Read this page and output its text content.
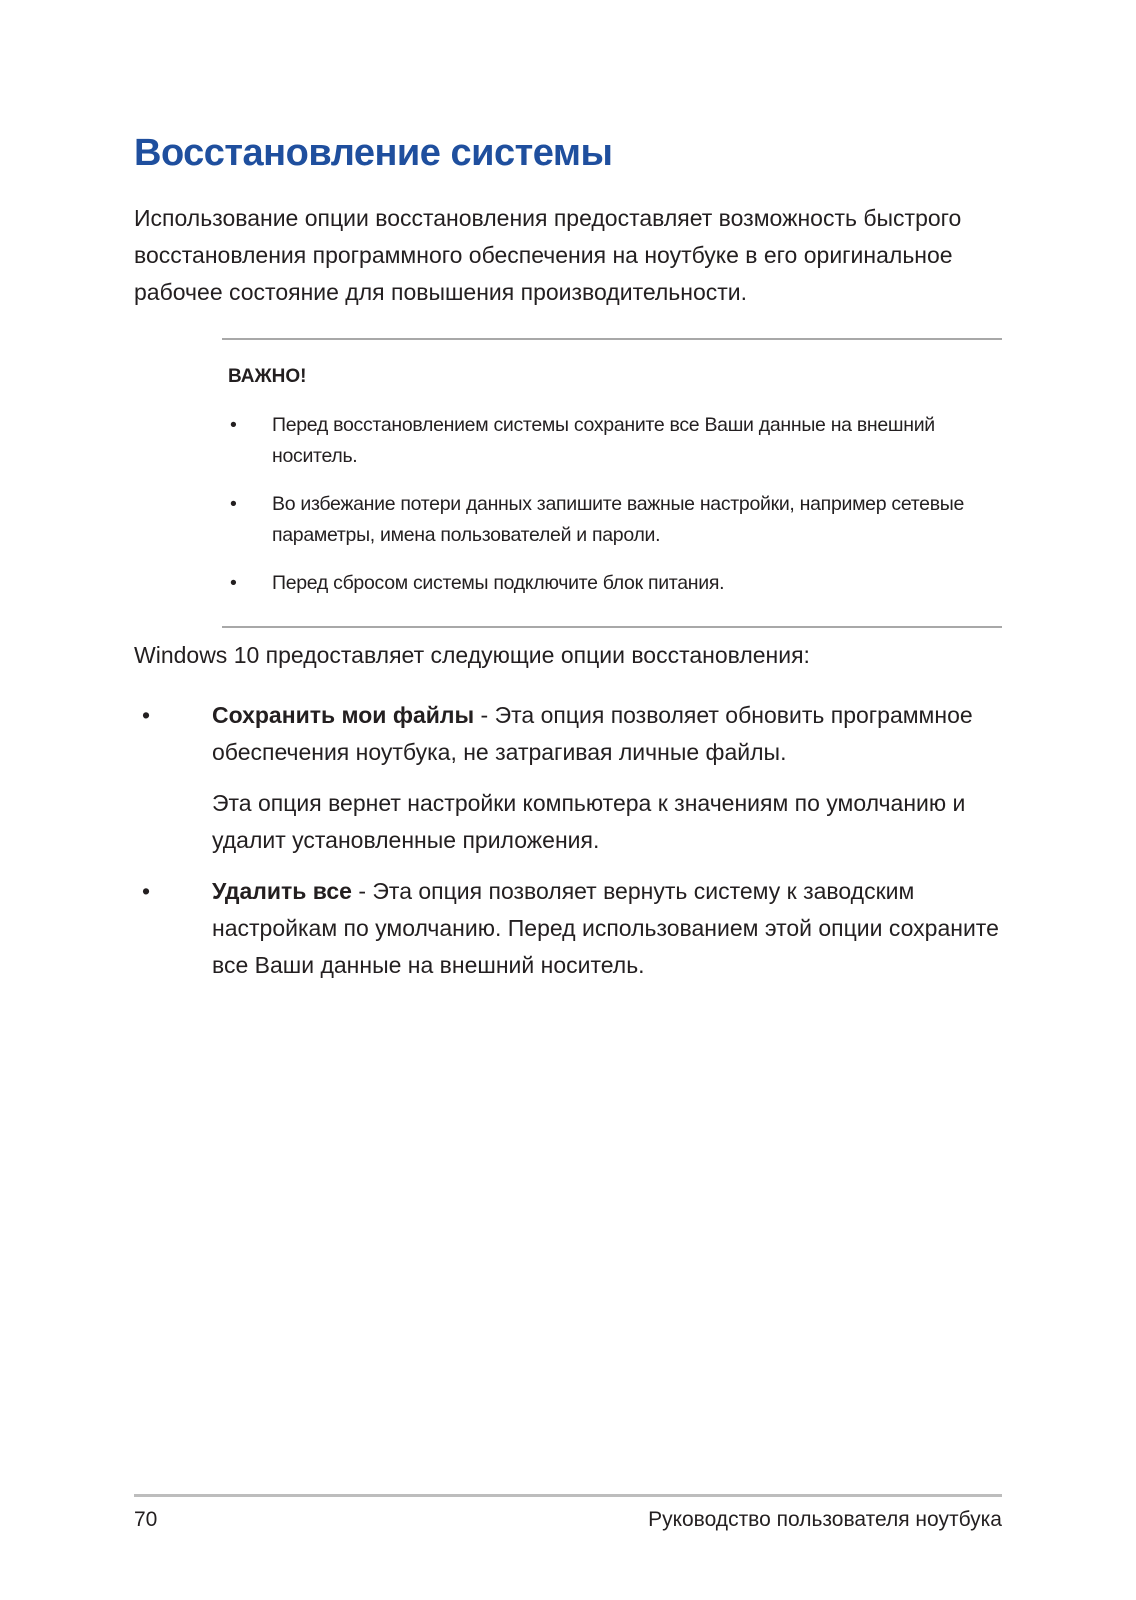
Восстановление системы

Использование опции восстановления предоставляет возможность быстрого восстановления программного обеспечения на ноутбуке в его оригинальное рабочее состояние для повышения производительности.

ВАЖНО!

• Перед восстановлением системы сохраните все Ваши данные на внешний носитель.
• Во избежание потери данных запишите важные настройки, например сетевые параметры, имена пользователей и пароли.
• Перед сбросом системы подключите блок питания.

Windows 10 предоставляет следующие опции восстановления:

•	Сохранить мои файлы - Эта опция позволяет обновить программное обеспечения ноутбука, не затрагивая личные файлы.

Эта опция вернет настройки компьютера к значениям по умолчанию и удалит установленные приложения.

•	Удалить все - Эта опция позволяет вернуть систему к заводским настройкам по умолчанию. Перед использованием этой опции сохраните все Ваши данные на внешний носитель.
70	Руководство пользователя ноутбука
